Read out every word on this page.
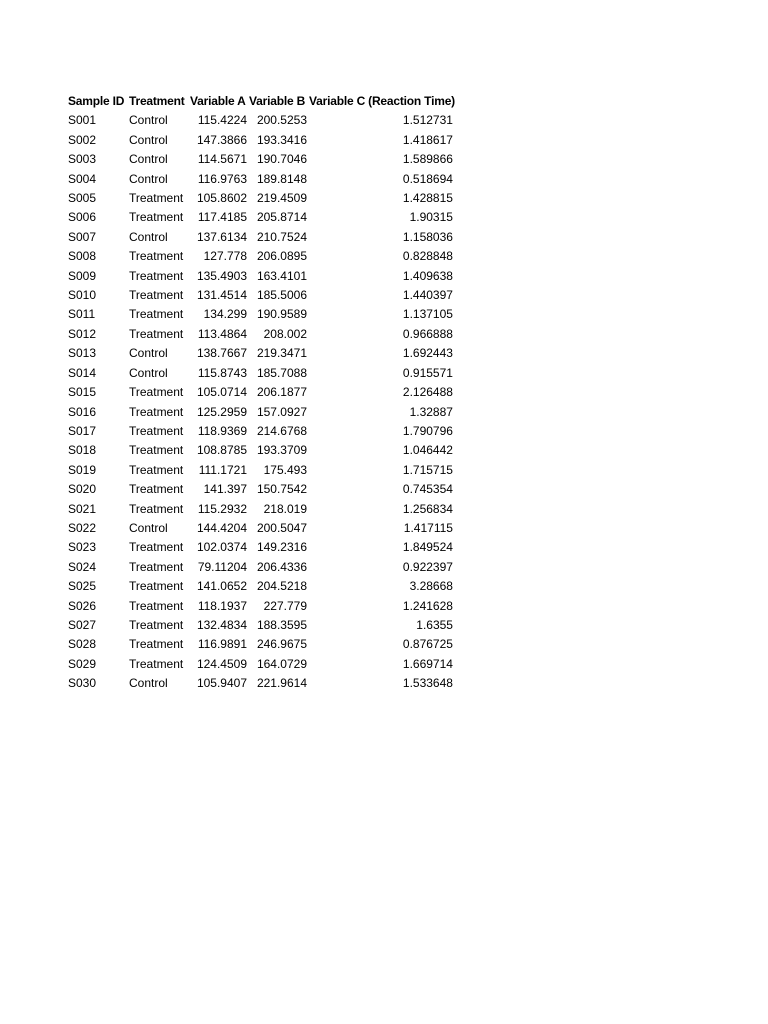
Sample ID	Treatment	Variable A	Variable B	Variable C (Reaction Time)
S001	Control	115.4224	200.5253	1.512731
S002	Control	147.3866	193.3416	1.418617
S003	Control	114.5671	190.7046	1.589866
S004	Control	116.9763	189.8148	0.518694
S005	Treatment	105.8602	219.4509	1.428815
S006	Treatment	117.4185	205.8714	1.90315
S007	Control	137.6134	210.7524	1.158036
S008	Treatment	127.778	206.0895	0.828848
S009	Treatment	135.4903	163.4101	1.409638
S010	Treatment	131.4514	185.5006	1.440397
S011	Treatment	134.299	190.9589	1.137105
S012	Treatment	113.4864	208.002	0.966888
S013	Control	138.7667	219.3471	1.692443
S014	Control	115.8743	185.7088	0.915571
S015	Treatment	105.0714	206.1877	2.126488
S016	Treatment	125.2959	157.0927	1.32887
S017	Treatment	118.9369	214.6768	1.790796
S018	Treatment	108.8785	193.3709	1.046442
S019	Treatment	111.1721	175.493	1.715715
S020	Treatment	141.397	150.7542	0.745354
S021	Treatment	115.2932	218.019	1.256834
S022	Control	144.4204	200.5047	1.417115
S023	Treatment	102.0374	149.2316	1.849524
S024	Treatment	79.11204	206.4336	0.922397
S025	Treatment	141.0652	204.5218	3.28668
S026	Treatment	118.1937	227.779	1.241628
S027	Treatment	132.4834	188.3595	1.6355
S028	Treatment	116.9891	246.9675	0.876725
S029	Treatment	124.4509	164.0729	1.669714
S030	Control	105.9407	221.9614	1.533648
